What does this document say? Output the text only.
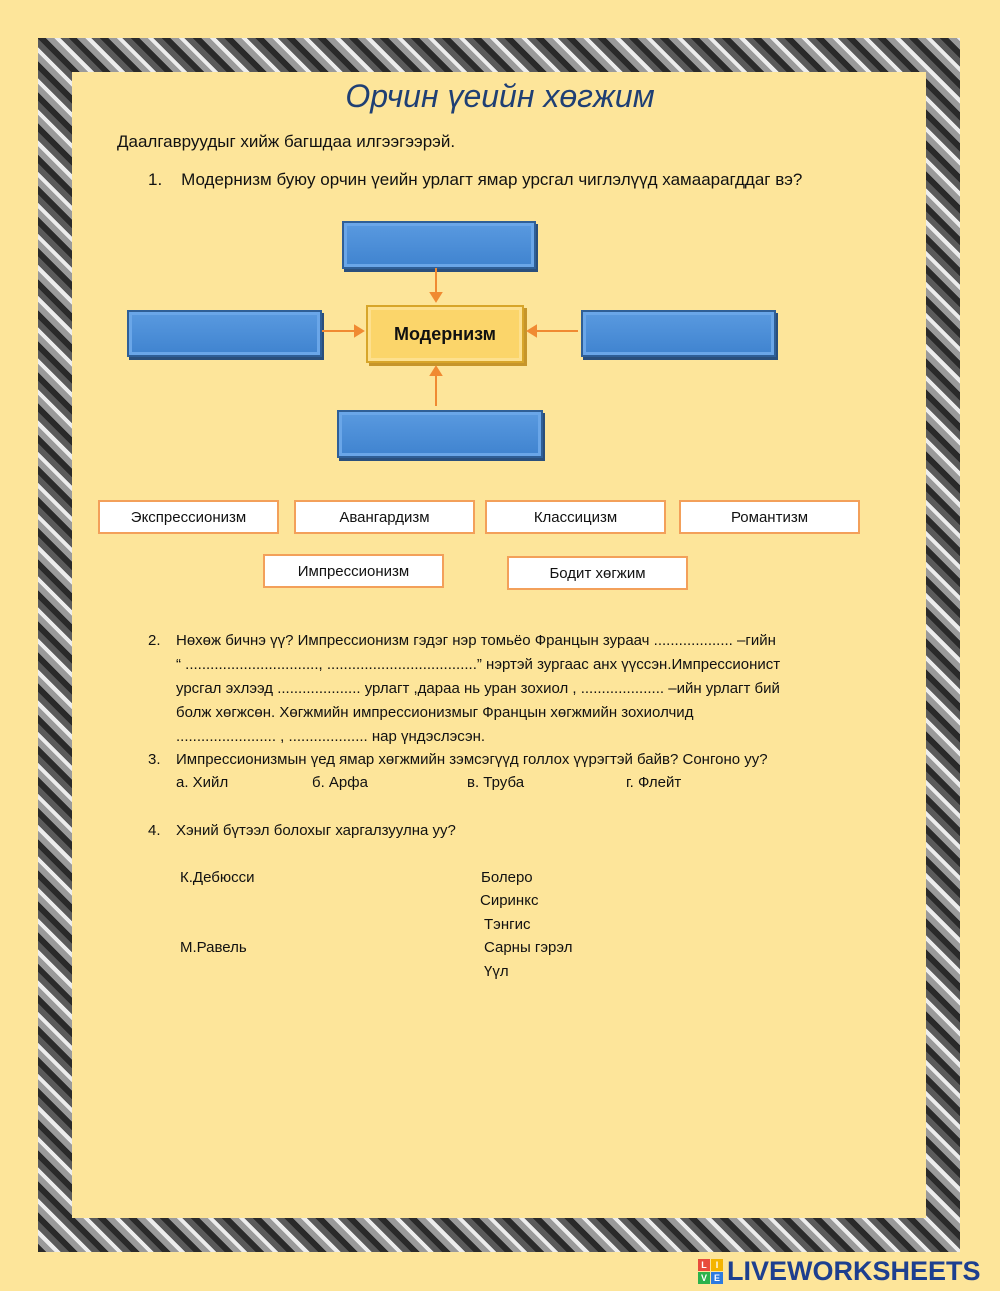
Орчин үеийн хөгжим
Даалгавруудыг хийж багшдаа илгээгээрэй.
1. Модернизм буюу орчин үеийн урлагт ямар урсгал чиглэлүүд хамаарагддаг вэ?
Модернизм
Экспрессионизм	Авангардизм	Классицизм	Романтизм
Импрессионизм	Бодит хөгжим
2. Нөхөж бичнэ үү? Импрессионизм гэдэг нэр томьёо Францын зураач ................... –гийн
“ ................................, ....................................” нэртэй зургаас анх үүссэн.Импрессионист
урсгал эхлээд .................... урлагт ,дараа нь уран зохиол , .................... –ийн урлагт бий
болж хөгжсөн. Хөгжмийн импрессионизмыг Францын хөгжмийн зохиолчид
........................ , ................... нар үндэслэсэн.
3. Импрессионизмын үед ямар хөгжмийн зэмсэгүүд голлох үүрэгтэй байв? Сонгоно уу?
а. Хийл	б. Арфа	в. Труба	г. Флейт
4. Хэний бүтээл болохыг харгалзуулна уу?
К.Дебюсси
М.Равель
Болеро
Сиринкс
Тэнгис
Сарны гэрэл
Үүл
L I
V E LIVEWORKSHEETS
